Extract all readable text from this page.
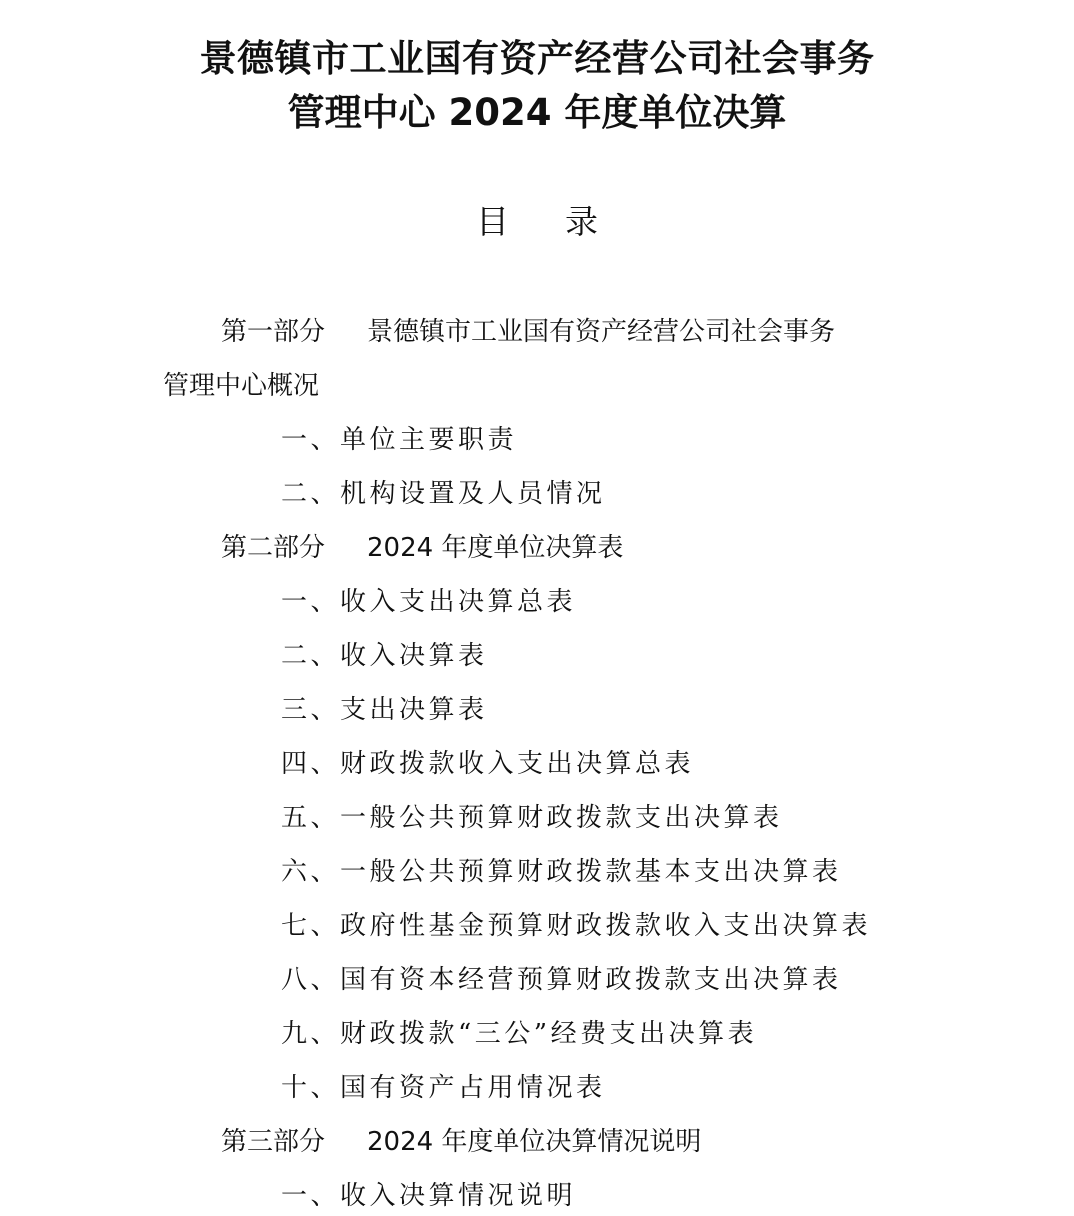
景德镇市工业国有资产经营公司社会事务
管理中心 2024 年度单位决算
目 录
第一部分 景德镇市工业国有资产经营公司社会事务
管理中心概况
一、单位主要职责
二、机构设置及人员情况
第二部分 2024 年度单位决算表
一、收入支出决算总表
二、收入决算表
三、支出决算表
四、财政拨款收入支出决算总表
五、一般公共预算财政拨款支出决算表
六、一般公共预算财政拨款基本支出决算表
七、政府性基金预算财政拨款收入支出决算表
八、国有资本经营预算财政拨款支出决算表
九、财政拨款“三公”经费支出决算表
十、国有资产占用情况表
第三部分 2024 年度单位决算情况说明
一、收入决算情况说明
